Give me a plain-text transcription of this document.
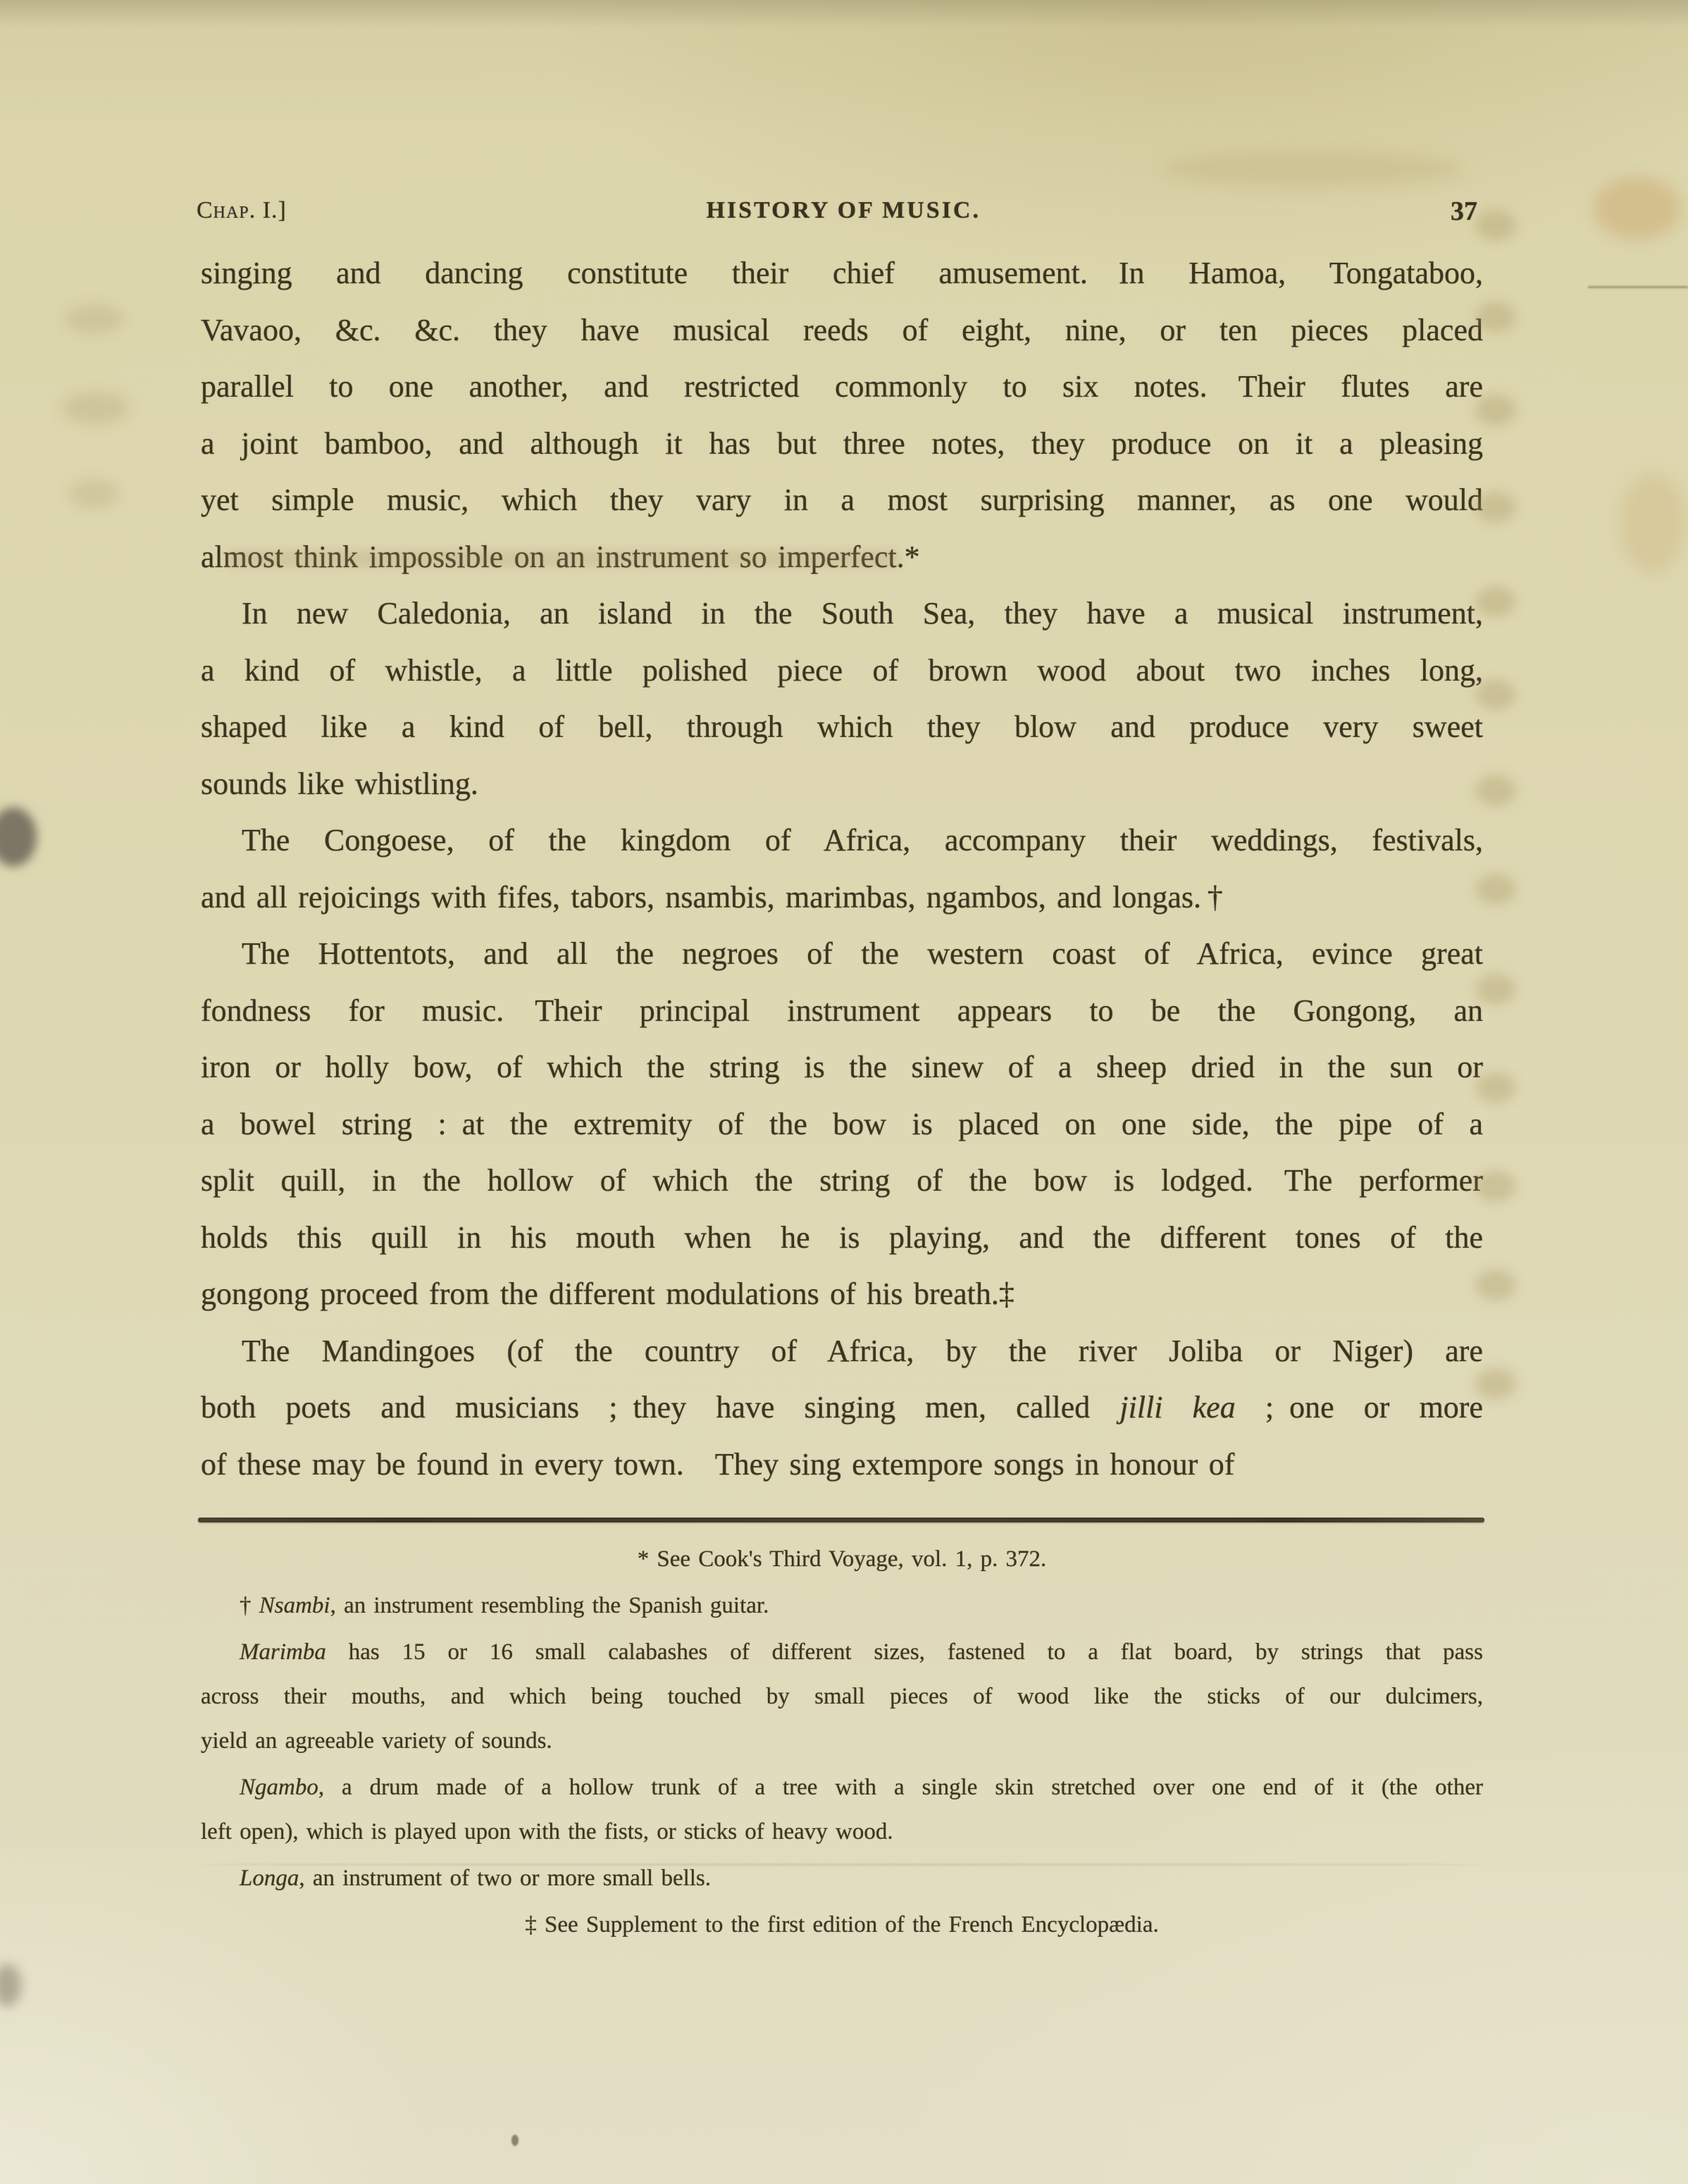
Chap. I.]	HISTORY OF MUSIC.	37
singing and dancing constitute their chief amusement. In Hamoa, Tongataboo,
Vavaoo, &c. &c. they have musical reeds of eight, nine, or ten pieces placed
parallel to one another, and restricted commonly to six notes. Their flutes are
a joint bamboo, and although it has but three notes, they produce on it a pleasing
yet simple music, which they vary in a most surprising manner, as one would
almost think impossible on an instrument so imperfect.*
In new Caledonia, an island in the South Sea, they have a musical instrument,
a kind of whistle, a little polished piece of brown wood about two inches long,
shaped like a kind of bell, through which they blow and produce very sweet
sounds like whistling.
The Congoese, of the kingdom of Africa, accompany their weddings, festivals,
and all rejoicings with fifes, tabors, nsambis, marimbas, ngambos, and longas. †
The Hottentots, and all the negroes of the western coast of Africa, evince great
fondness for music. Their principal instrument appears to be the Gongong, an
iron or holly bow, of which the string is the sinew of a sheep dried in the sun or
a bowel string : at the extremity of the bow is placed on one side, the pipe of a
split quill, in the hollow of which the string of the bow is lodged. The performer
holds this quill in his mouth when he is playing, and the different tones of the
gongong proceed from the different modulations of his breath.‡
The Mandingoes (of the country of Africa, by the river Joliba or Niger) are
both poets and musicians ; they have singing men, called jilli kea ; one or more
of these may be found in every town. They sing extempore songs in honour of
* See Cook's Third Voyage, vol. 1, p. 372.
† Nsambi, an instrument resembling the Spanish guitar.
Marimba has 15 or 16 small calabashes of different sizes, fastened to a flat board, by strings that pass
across their mouths, and which being touched by small pieces of wood like the sticks of our dulcimers,
yield an agreeable variety of sounds.
Ngambo, a drum made of a hollow trunk of a tree with a single skin stretched over one end of it (the other
left open), which is played upon with the fists, or sticks of heavy wood.
Longa, an instrument of two or more small bells.
‡ See Supplement to the first edition of the French Encyclopædia.
